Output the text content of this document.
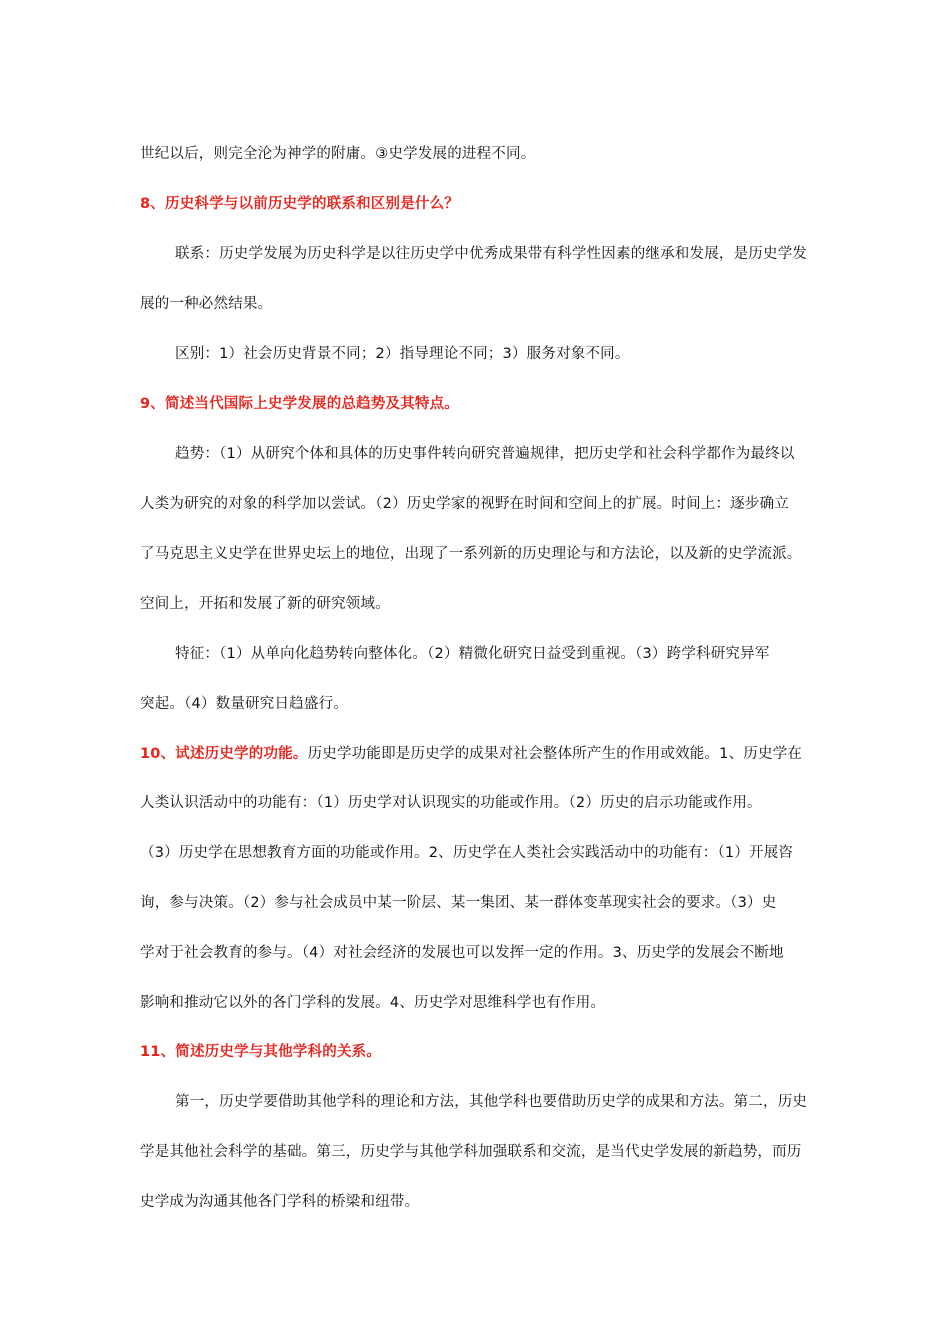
世纪以后，则完全沦为神学的附庸。③史学发展的进程不同。
8、历史科学与以前历史学的联系和区别是什么？
联系：历史学发展为历史科学是以往历史学中优秀成果带有科学性因素的继承和发展，是历史学发
展的一种必然结果。
区别：1）社会历史背景不同；2）指导理论不同；3）服务对象不同。
9、简述当代国际上史学发展的总趋势及其特点。
趋势：（1）从研究个体和具体的历史事件转向研究普遍规律，把历史学和社会科学都作为最终以
人类为研究的对象的科学加以尝试。（2）历史学家的视野在时间和空间上的扩展。时间上：逐步确立
了马克思主义史学在世界史坛上的地位，出现了一系列新的历史理论与和方法论，以及新的史学流派。
空间上，开拓和发展了新的研究领域。
特征：（1）从单向化趋势转向整体化。（2）精微化研究日益受到重视。（3）跨学科研究异军
突起。（4）数量研究日趋盛行。
10、试述历史学的功能。历史学功能即是历史学的成果对社会整体所产生的作用或效能。1、历史学在
人类认识活动中的功能有：（1）历史学对认识现实的功能或作用。（2）历史的启示功能或作用。
（3）历史学在思想教育方面的功能或作用。2、历史学在人类社会实践活动中的功能有：（1）开展咨
询，参与决策。（2）参与社会成员中某一阶层、某一集团、某一群体变革现实社会的要求。（3）史
学对于社会教育的参与。（4）对社会经济的发展也可以发挥一定的作用。3、历史学的发展会不断地
影响和推动它以外的各门学科的发展。4、历史学对思维科学也有作用。
11、简述历史学与其他学科的关系。
第一，历史学要借助其他学科的理论和方法，其他学科也要借助历史学的成果和方法。第二，历史
学是其他社会科学的基础。第三，历史学与其他学科加强联系和交流，是当代史学发展的新趋势，而历
史学成为沟通其他各门学科的桥梁和纽带。
